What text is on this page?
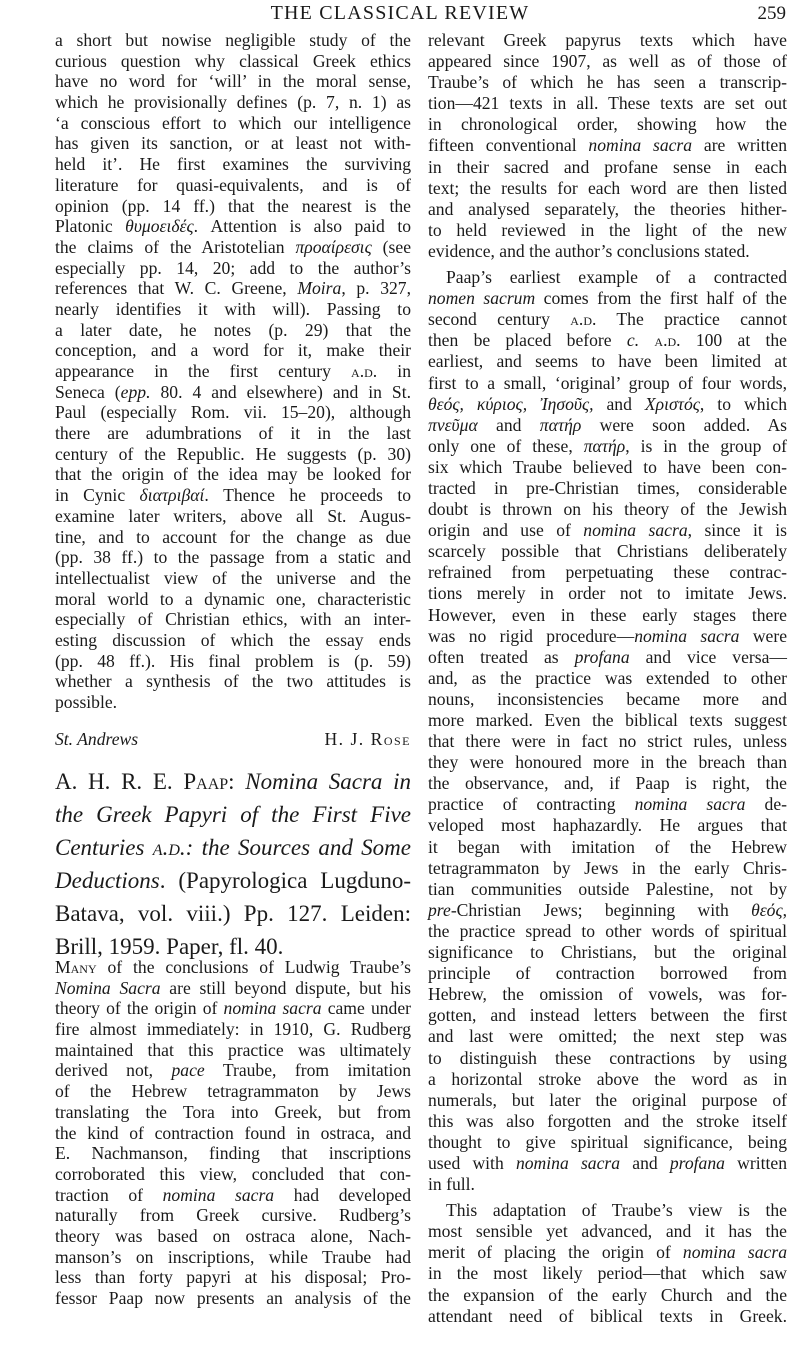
THE CLASSICAL REVIEW	259
a short but nowise negligible study of the
curious question why classical Greek ethics
have no word for ‘will’ in the moral sense,
which he provisionally defines (p. 7, n. 1) as
‘a conscious effort to which our intelligence
has given its sanction, or at least not with-
held it’. He first examines the surviving
literature for quasi-equivalents, and is of
opinion (pp. 14 ff.) that the nearest is the
Platonic θυμοειδές. Attention is also paid to
the claims of the Aristotelian προαίρεσις (see
especially pp. 14, 20; add to the author’s
references that W. C. Greene, Moira, p. 327,
nearly identifies it with will). Passing to
a later date, he notes (p. 29) that the
conception, and a word for it, make their
appearance in the first century a.d. in
Seneca (epp. 80. 4 and elsewhere) and in St.
Paul (especially Rom. vii. 15–20), although
there are adumbrations of it in the last
century of the Republic. He suggests (p. 30)
that the origin of the idea may be looked for
in Cynic διατριβαί. Thence he proceeds to
examine later writers, above all St. Augus-
tine, and to account for the change as due
(pp. 38 ff.) to the passage from a static and
intellectualist view of the universe and the
moral world to a dynamic one, characteristic
especially of Christian ethics, with an inter-
esting discussion of which the essay ends
(pp. 48 ff.). His final problem is (p. 59)
whether a synthesis of the two attitudes is
possible.
St. Andrews	H. J. Rose
A. H. R. E. Paap: Nomina Sacra in
the Greek Papyri of the First Five
Centuries a.d.: the Sources and Some
Deductions. (Papyrologica Lugduno-
Batava, vol. viii.) Pp. 127. Leiden:
Brill, 1959. Paper, fl. 40.
Many of the conclusions of Ludwig Traube’s
Nomina Sacra are still beyond dispute, but his
theory of the origin of nomina sacra came under
fire almost immediately: in 1910, G. Rudberg
maintained that this practice was ultimately
derived not, pace Traube, from imitation
of the Hebrew tetragrammaton by Jews
translating the Tora into Greek, but from
the kind of contraction found in ostraca, and
E. Nachmanson, finding that inscriptions
corroborated this view, concluded that con-
traction of nomina sacra had developed
naturally from Greek cursive. Rudberg’s
theory was based on ostraca alone, Nach-
manson’s on inscriptions, while Traube had
less than forty papyri at his disposal; Pro-
fessor Paap now presents an analysis of the
relevant Greek papyrus texts which have
appeared since 1907, as well as of those of
Traube’s of which he has seen a transcrip-
tion—421 texts in all. These texts are set out
in chronological order, showing how the
fifteen conventional nomina sacra are written
in their sacred and profane sense in each
text; the results for each word are then listed
and analysed separately, the theories hither-
to held reviewed in the light of the new
evidence, and the author’s conclusions stated.
Paap’s earliest example of a contracted
nomen sacrum comes from the first half of the
second century a.d. The practice cannot
then be placed before c. a.d. 100 at the
earliest, and seems to have been limited at
first to a small, ‘original’ group of four words,
θεός, κύριος, Ἰησοῦς, and Χριστός, to which
πνεῦμα and πατήρ were soon added. As
only one of these, πατήρ, is in the group of
six which Traube believed to have been con-
tracted in pre-Christian times, considerable
doubt is thrown on his theory of the Jewish
origin and use of nomina sacra, since it is
scarcely possible that Christians deliberately
refrained from perpetuating these contrac-
tions merely in order not to imitate Jews.
However, even in these early stages there
was no rigid procedure—nomina sacra were
often treated as profana and vice versa—
and, as the practice was extended to other
nouns, inconsistencies became more and
more marked. Even the biblical texts suggest
that there were in fact no strict rules, unless
they were honoured more in the breach than
the observance, and, if Paap is right, the
practice of contracting nomina sacra de-
veloped most haphazardly. He argues that
it began with imitation of the Hebrew
tetragrammaton by Jews in the early Chris-
tian communities outside Palestine, not by
pre-Christian Jews; beginning with θεός,
the practice spread to other words of spiritual
significance to Christians, but the original
principle of contraction borrowed from
Hebrew, the omission of vowels, was for-
gotten, and instead letters between the first
and last were omitted; the next step was
to distinguish these contractions by using
a horizontal stroke above the word as in
numerals, but later the original purpose of
this was also forgotten and the stroke itself
thought to give spiritual significance, being
used with nomina sacra and profana written
in full.
This adaptation of Traube’s view is the
most sensible yet advanced, and it has the
merit of placing the origin of nomina sacra
in the most likely period—that which saw
the expansion of the early Church and the
attendant need of biblical texts in Greek.
